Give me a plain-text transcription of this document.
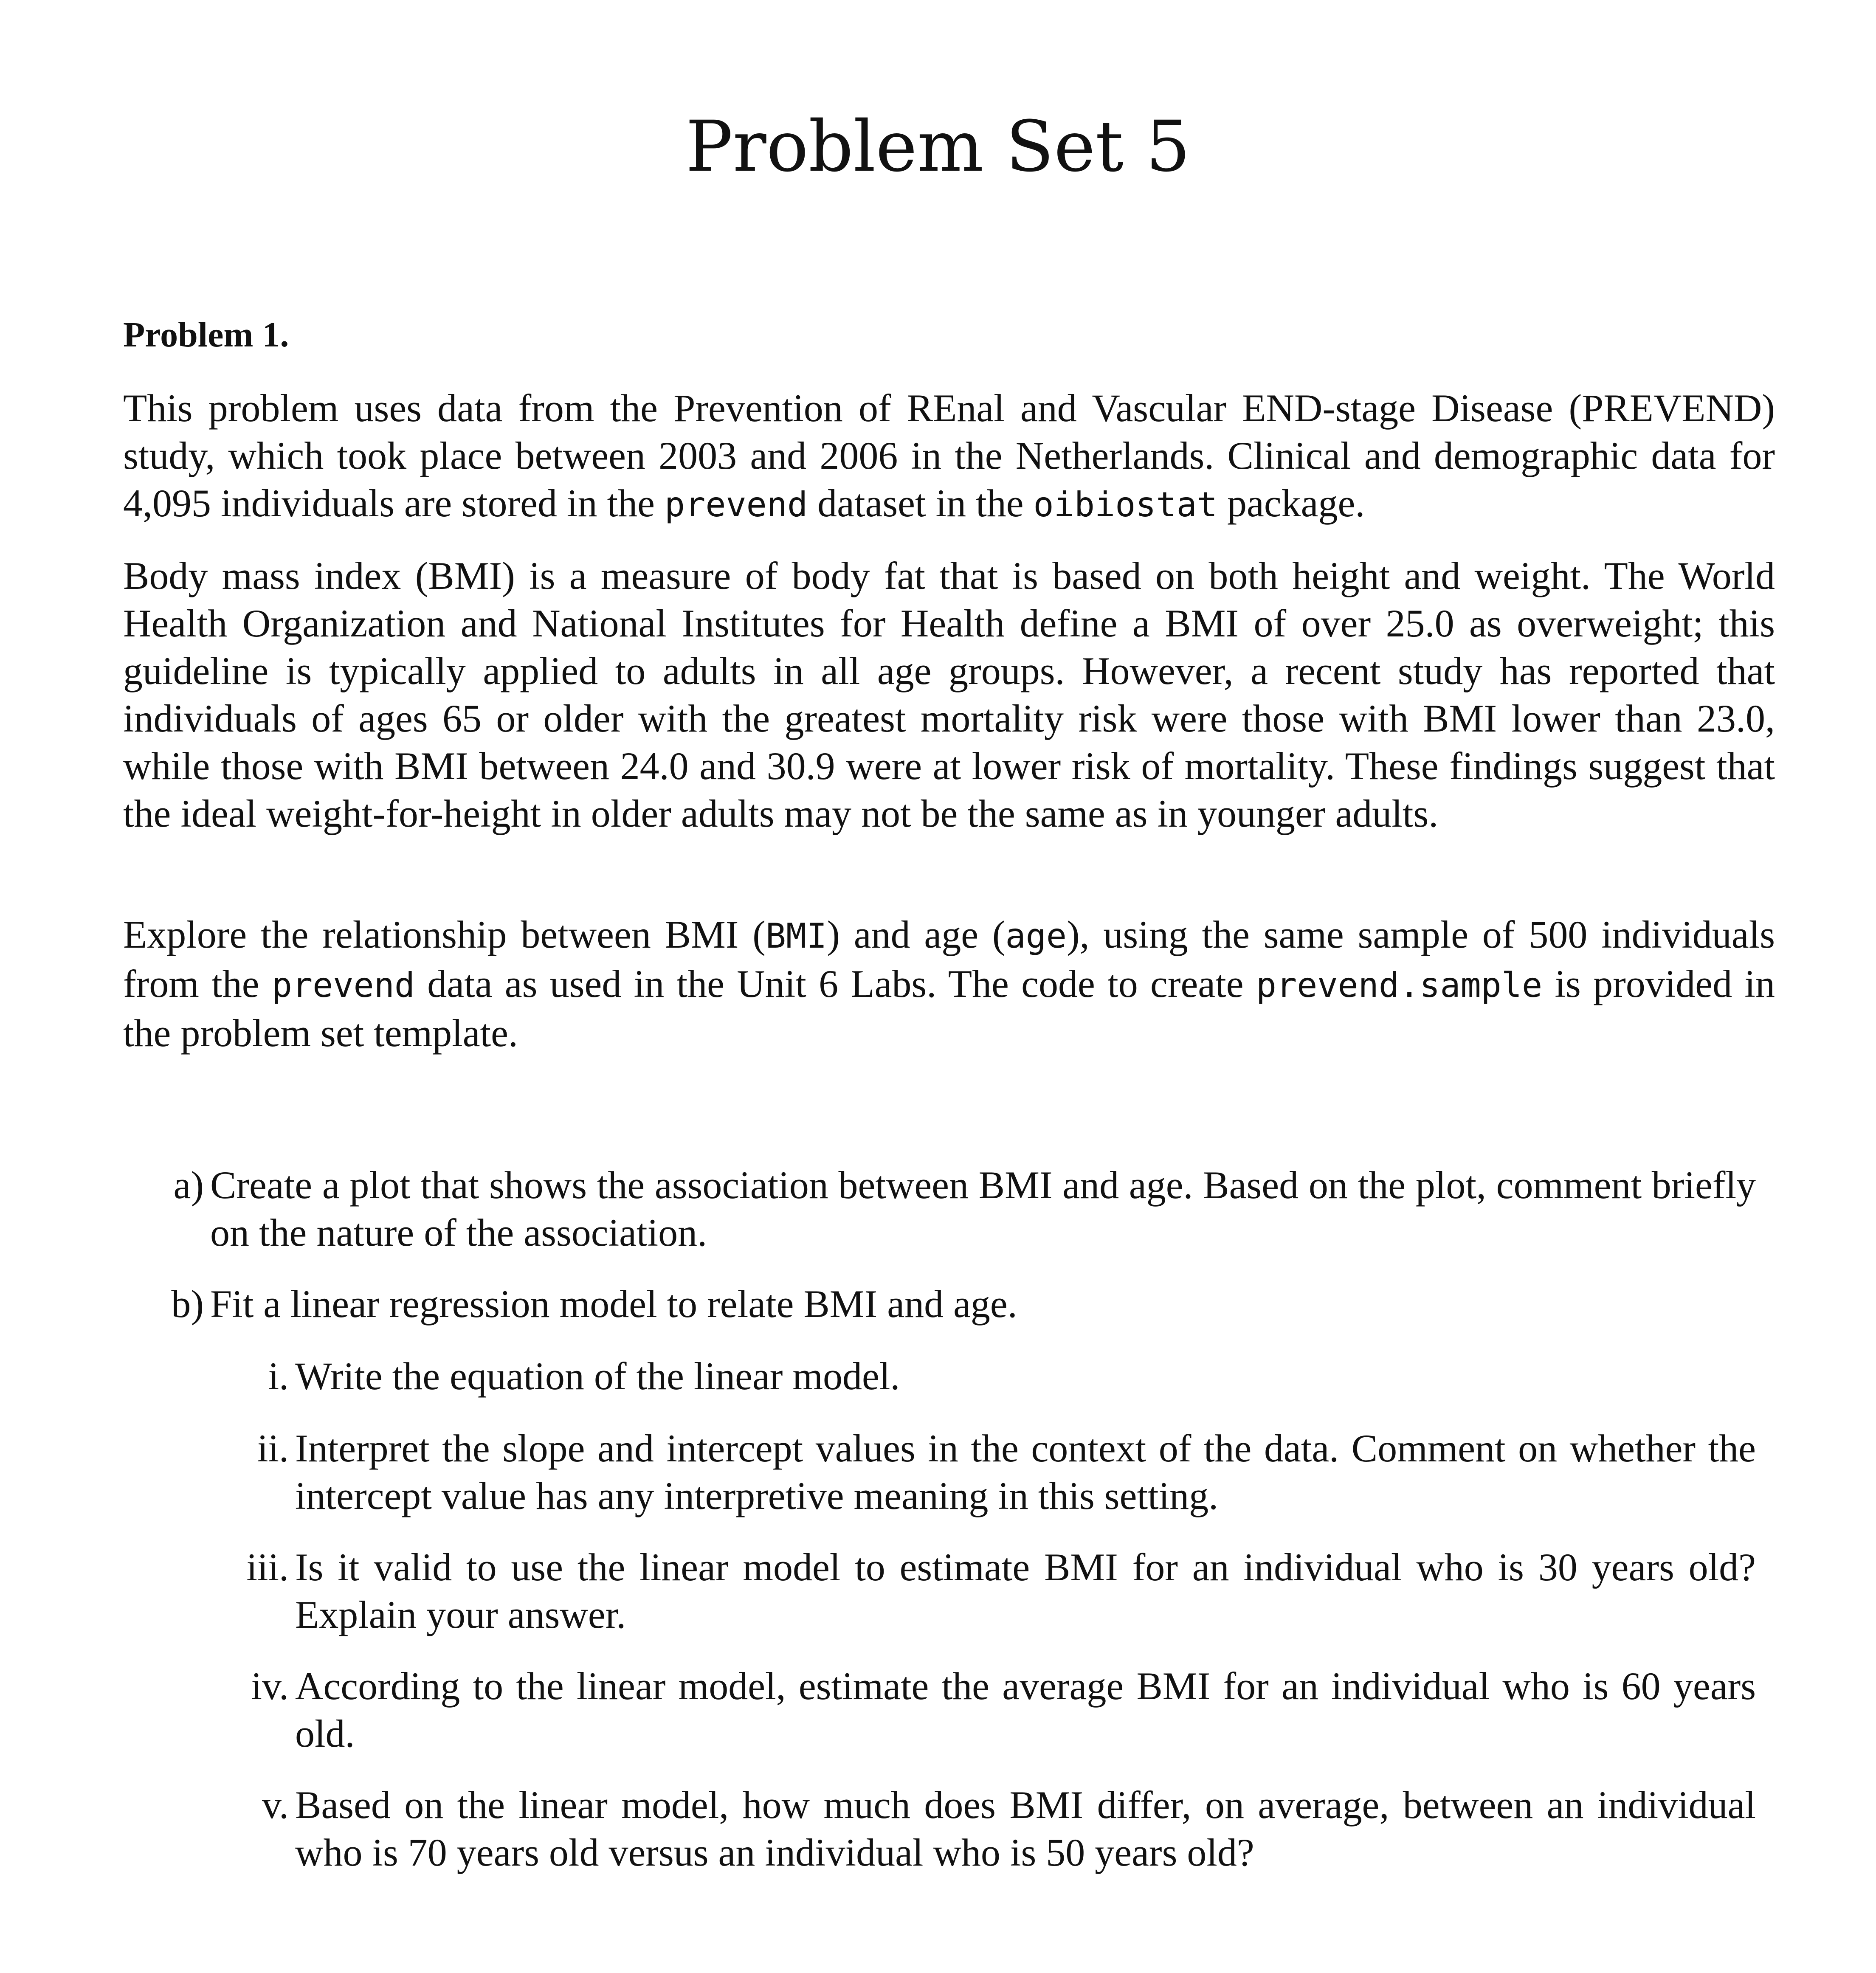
Problem Set 5
Problem 1.

This problem uses data from the Prevention of REnal and Vascular END-stage Disease (PREVEND) study, which took place between 2003 and 2006 in the Netherlands. Clinical and demographic data for 4,095 individuals are stored in the prevend dataset in the oibiostat package.

Body mass index (BMI) is a measure of body fat that is based on both height and weight. The World Health Organization and National Institutes for Health define a BMI of over 25.0 as overweight; this guideline is typically applied to adults in all age groups. However, a recent study has reported that individuals of ages 65 or older with the greatest mortality risk were those with BMI lower than 23.0, while those with BMI between 24.0 and 30.9 were at lower risk of mortality. These findings suggest that the ideal weight-for-height in older adults may not be the same as in younger adults.

Explore the relationship between BMI (BMI) and age (age), using the same sample of 500 individuals from the prevend data as used in the Unit 6 Labs. The code to create prevend.sample is provided in the problem set template.

a) Create a plot that shows the association between BMI and age. Based on the plot, comment briefly on the nature of the association.

b) Fit a linear regression model to relate BMI and age.

i. Write the equation of the linear model.

ii. Interpret the slope and intercept values in the context of the data. Comment on whether the intercept value has any interpretive meaning in this setting.

iii. Is it valid to use the linear model to estimate BMI for an individual who is 30 years old? Explain your answer.

iv. According to the linear model, estimate the average BMI for an individual who is 60 years old.

v. Based on the linear model, how much does BMI differ, on average, between an individual who is 70 years old versus an individual who is 50 years old?
